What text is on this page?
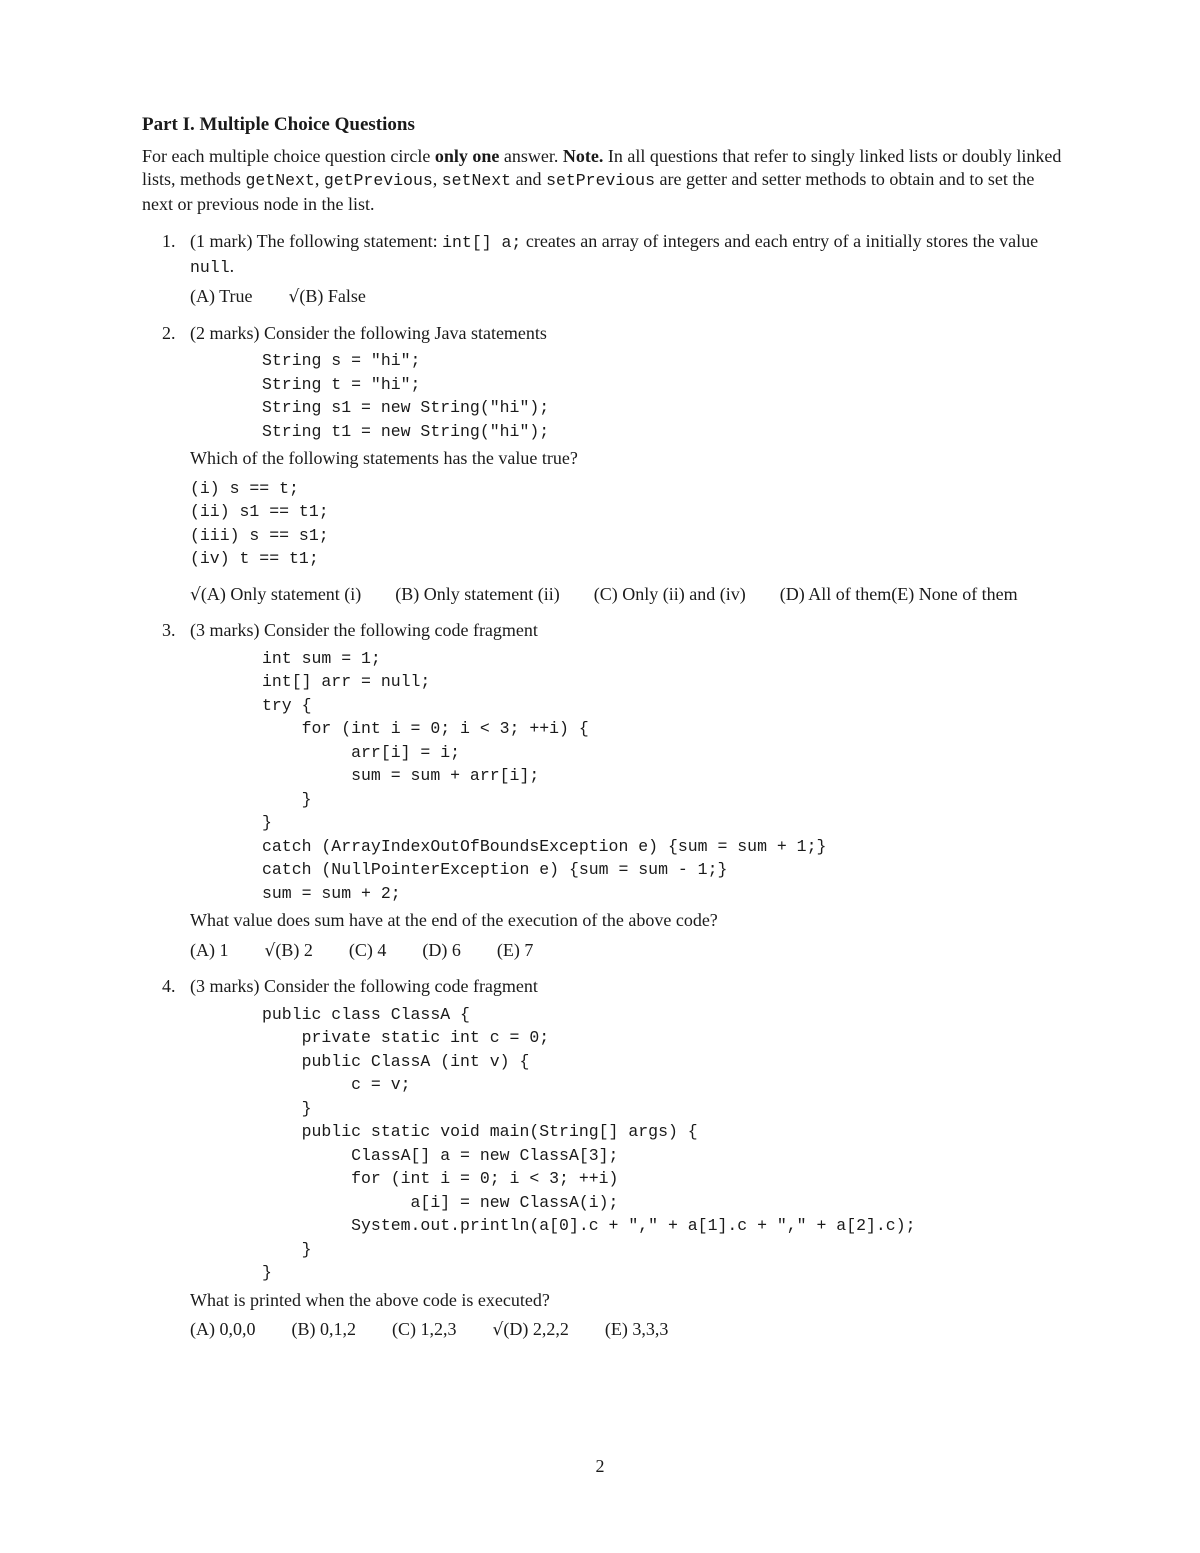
Part I. Multiple Choice Questions
For each multiple choice question circle only one answer. Note. In all questions that refer to singly linked lists or doubly linked lists, methods getNext, getPrevious, setNext and setPrevious are getter and setter methods to obtain and to set the next or previous node in the list.
1. (1 mark) The following statement: int[] a; creates an array of integers and each entry of a initially stores the value null.
(A) True √(B) False
2. (2 marks) Consider the following Java statements
String s = "hi";
String t = "hi";
String s1 = new String("hi");
String t1 = new String("hi");
Which of the following statements has the value true?
(i) s == t;
(ii) s1 == t1;
(iii) s == s1;
(iv) t == t1;
√(A) Only statement (i) (B) Only statement (ii) (C) Only (ii) and (iv) (D) All of them (E) None of them
3. (3 marks) Consider the following code fragment
int sum = 1;
int[] arr = null;
try {
for (int i = 0; i < 3; ++i) {
arr[i] = i;
sum = sum + arr[i];
}
}
catch (ArrayIndexOutOfBoundsException e) {sum = sum + 1;}
catch (NullPointerException e) {sum = sum - 1;}
sum = sum + 2;
What value does sum have at the end of the execution of the above code?
(A) 1 √(B) 2 (C) 4 (D) 6 (E) 7
4. (3 marks) Consider the following code fragment
public class ClassA {
private static int c = 0;
public ClassA (int v) {
c = v;
}
public static void main(String[] args) {
ClassA[] a = new ClassA[3];
for (int i = 0; i < 3; ++i)
a[i] = new ClassA(i);
System.out.println(a[0].c + "," + a[1].c + "," + a[2].c);
}
}
What is printed when the above code is executed?
(A) 0,0,0 (B) 0,1,2 (C) 1,2,3 √(D) 2,2,2 (E) 3,3,3
2
